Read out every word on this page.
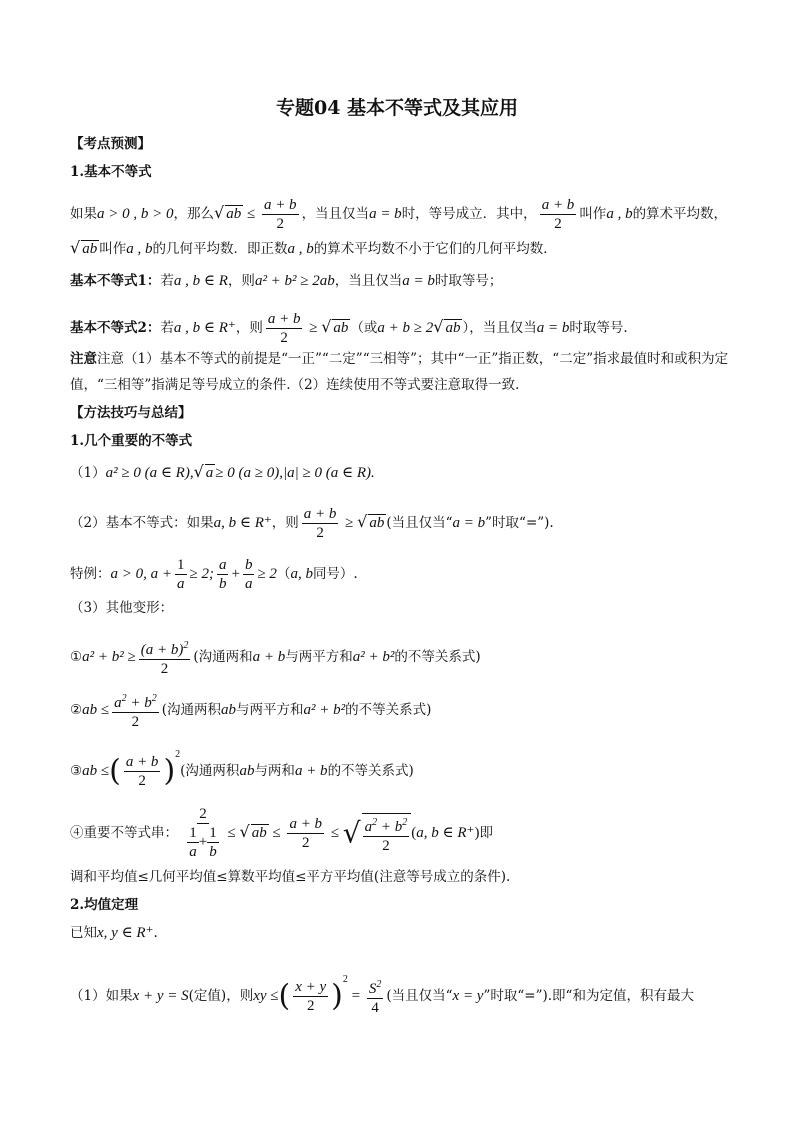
专题04 基本不等式及其应用
【考点预测】
1.基本不等式
如果a > 0 , b > 0，那么√ ab ≤ $\frac{a + b}{2}$ ，当且仅当a = b时，等号成立．其中， $\frac{a + b}{2}$ 叫作a , b的算术平均数，
√ ab 叫作a , b的几何平均数．即正数a , b的算术平均数不小于它们的几何平均数．
基本不等式1：若a , b ∈ R，则a² + b² ≥ 2ab，当且仅当a = b时取等号；
基本不等式2：若a , b ∈ R⁺，则 $\frac{a + b}{2}$ ≥ √ ab （或a + b ≥ 2√ ab ），当且仅当a = b时取等号.
注意注意（1）基本不等式的前提是“一正”“二定”“三相等”；其中“一正”指正数，“二定”指求最值时和或积为定
值，“三相等”指满足等号成立的条件.（2）连续使用不等式要注意取得一致.
【方法技巧与总结】
1.几个重要的不等式
（1）a² ≥ 0 (a ∈ R),√ a ≥ 0 (a ≥ 0),|a| ≥ 0 (a ∈ R).
（2）基本不等式：如果a, b ∈ R⁺，则 $\frac{a + b}{2}$ ≥ √ ab (当且仅当“a = b”时取“=”).
特例：a > 0, $a + \frac{1}{a} \ge 2$; $\frac{a}{b} + \frac{b}{a} \ge 2(a$, b同号）.
（3）其他变形：
①a² + $b^2 \ge \frac{(a + b)^2}{2}$ (沟通两和a + b与两平方和a² + b²的不等关系式)
②ab ≤ $\frac{a^2 + b^2}{2}$ (沟通两积ab与两平方和a² + b²的不等关系式)
③ab ≤( $\frac{a + b}{2} )^2$(沟通两积ab与两和a + b的不等关系式)
④重要不等式串： $\frac{2}{\frac{1}{a} + \frac{1}{b}}$ ≤ √ ab ≤ $\frac{a + b}{2}$ ≤ √ $\frac{a^2 + b^2}{2} (a$, b ∈ R⁺)即
调和平均值≤几何平均值≤算数平均值≤平方平均值(注意等号成立的条件).
2.均值定理
已知x, y ∈ R⁺.
（1）如果x + y = S(定值)，则xy ≤( $\frac{x + y}{2} )^2 = \frac{S^2}{4}$ (当且仅当“x = y”时取“=”).即“和为定值，积有最大
